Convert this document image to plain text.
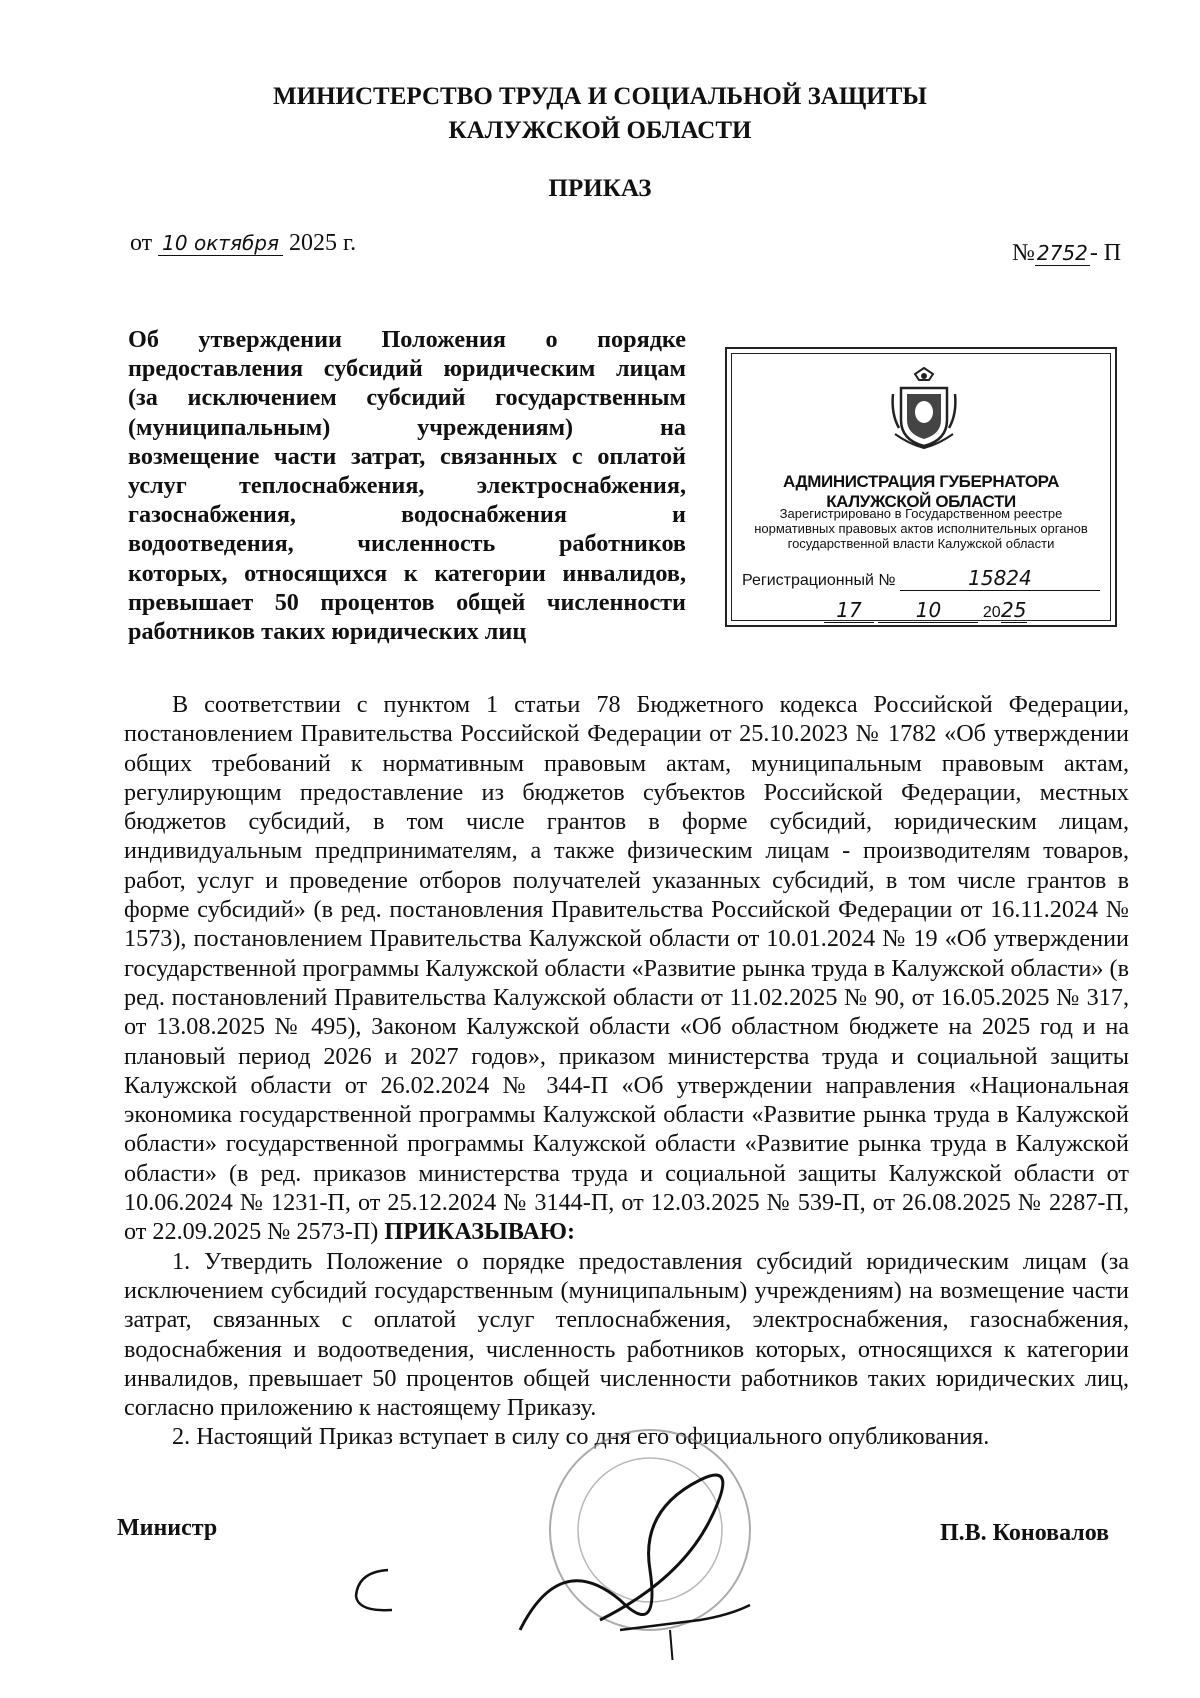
МИНИСТЕРСТВО ТРУДА И СОЦИАЛЬНОЙ ЗАЩИТЫ
КАЛУЖСКОЙ ОБЛАСТИ
ПРИКАЗ
от 10 октября 2025 г.	№ 2752- П
Об утверждении Положения о порядке
предоставления субсидий юридическим лицам
(за исключением субсидий государственным
(муниципальным) учреждениям) на
возмещение части затрат, связанных с оплатой
услуг теплоснабжения, электроснабжения,
газоснабжения, водоснабжения и
водоотведения, численность работников
которых, относящихся к категории инвалидов,
превышает 50 процентов общей численности
работников таких юридических лиц
АДМИНИСТРАЦИЯ ГУБЕРНАТОРА КАЛУЖСКОЙ ОБЛАСТИ
Зарегистрировано в Государственном реестре нормативных правовых актов исполнительных органов государственной власти Калужской области
Регистрационный №	15824
17	10	2025

В соответствии с пунктом 1 статьи 78 Бюджетного кодекса Российской Федерации, постановлением Правительства Российской Федерации от 25.10.2023 № 1782 «Об утверждении общих требований к нормативным правовым актам, муниципальным правовым актам, регулирующим предоставление из бюджетов субъектов Российской Федерации, местных бюджетов субсидий, в том числе грантов в форме субсидий, юридическим лицам, индивидуальным предпринимателям, а также физическим лицам - производителям товаров, работ, услуг и проведение отборов получателей указанных субсидий, в том числе грантов в форме субсидий» (в ред. постановления Правительства Российской Федерации от 16.11.2024 № 1573), постановлением Правительства Калужской области от 10.01.2024 № 19 «Об утверждении государственной программы Калужской области «Развитие рынка труда в Калужской области» (в ред. постановлений Правительства Калужской области от 11.02.2025 № 90, от 16.05.2025 № 317, от 13.08.2025 № 495), Законом Калужской области «Об областном бюджете на 2025 год и на плановый период 2026 и 2027 годов», приказом министерства труда и социальной защиты Калужской области от 26.02.2024 № 344-П «Об утверждении направления «Национальная экономика государственной программы Калужской области «Развитие рынка труда в Калужской области» государственной программы Калужской области «Развитие рынка труда в Калужской области» (в ред. приказов министерства труда и социальной защиты Калужской области от 10.06.2024 № 1231-П, от 25.12.2024 № 3144-П, от 12.03.2025 № 539-П, от 26.08.2025 № 2287-П, от 22.09.2025 № 2573-П) ПРИКАЗЫВАЮ:

1. Утвердить Положение о порядке предоставления субсидий юридическим лицам (за исключением субсидий государственным (муниципальным) учреждениям) на возмещение части затрат, связанных с оплатой услуг теплоснабжения, электроснабжения, газоснабжения, водоснабжения и водоотведения, численность работников которых, относящихся к категории инвалидов, превышает 50 процентов общей численности работников таких юридических лиц, согласно приложению к настоящему Приказу.

2. Настоящий Приказ вступает в силу со дня его официального опубликования.

Министр	П.В. Коновалов
